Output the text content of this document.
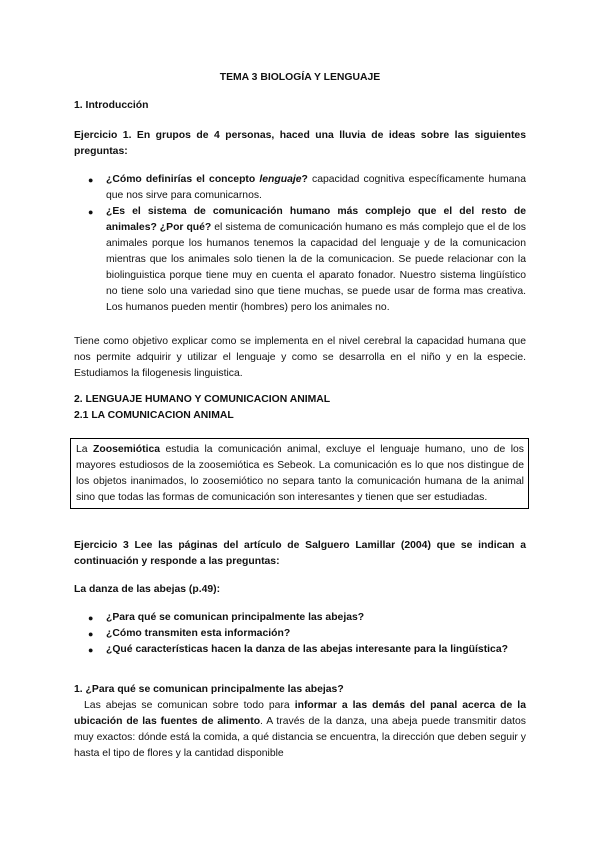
TEMA 3 BIOLOGÍA Y LENGUAJE
1. Introducción
Ejercicio 1. En grupos de 4 personas, haced una lluvia de ideas sobre las siguientes preguntas:
● ¿Cómo definirías el concepto lenguaje? capacidad cognitiva específicamente humana que nos sirve para comunicarnos.
● ¿Es el sistema de comunicación humano más complejo que el del resto de animales? ¿Por qué? el sistema de comunicación humano es más complejo que el de los animales porque los humanos tenemos la capacidad del lenguaje y de la comunicacion mientras que los animales solo tienen la de la comunicacion. Se puede relacionar con la biolinguistica porque tiene muy en cuenta el aparato fonador. Nuestro sistema lingüístico no tiene solo una variedad sino que tiene muchas, se puede usar de forma mas creativa. Los humanos pueden mentir (hombres) pero los animales no.
Tiene como objetivo explicar como se implementa en el nivel cerebral la capacidad humana que nos permite adquirir y utilizar el lenguaje y como se desarrolla en el niño y en la especie. Estudiamos la filogenesis linguistica.
2. LENGUAJE HUMANO Y COMUNICACION ANIMAL
2.1 LA COMUNICACION ANIMAL
La Zoosemiótica estudia la comunicación animal, excluye el lenguaje humano, uno de los mayores estudiosos de la zoosemiótica es Sebeok. La comunicación es lo que nos distingue de los objetos inanimados, lo zoosemiótico no separa tanto la comunicación humana de la animal sino que todas las formas de comunicación son interesantes y tienen que ser estudiadas.
Ejercicio 3 Lee las páginas del artículo de Salguero Lamillar (2004) que se indican a continuación y responde a las preguntas:
La danza de las abejas (p.49):
● ¿Para qué se comunican principalmente las abejas?
● ¿Cómo transmiten esta información?
● ¿Qué características hacen la danza de las abejas interesante para la lingüística?
1. ¿Para qué se comunican principalmente las abejas?
Las abejas se comunican sobre todo para informar a las demás del panal acerca de la ubicación de las fuentes de alimento. A través de la danza, una abeja puede transmitir datos muy exactos: dónde está la comida, a qué distancia se encuentra, la dirección que deben seguir y hasta el tipo de flores y la cantidad disponible
